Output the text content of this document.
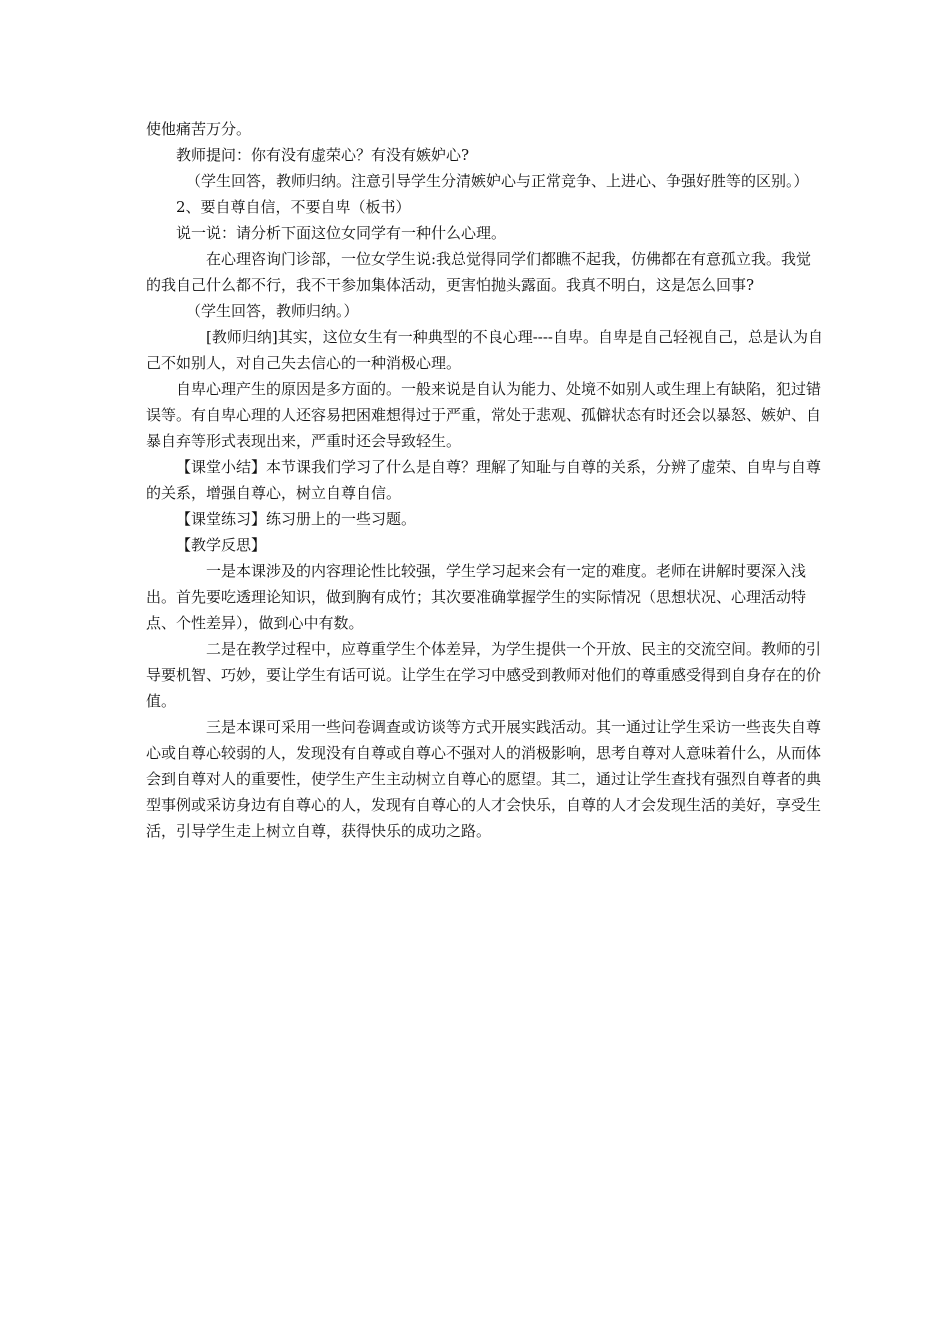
使他痛苦万分。

教师提问：你有没有虚荣心？有没有嫉妒心?

（学生回答，教师归纳。注意引导学生分清嫉妒心与正常竞争、上进心、争强好胜等的区别。）

2、要自尊自信，不要自卑（板书）

说一说：请分析下面这位女同学有一种什么心理。

在心理咨询门诊部，一位女学生说:我总觉得同学们都瞧不起我，仿佛都在有意孤立我。我觉的我自己什么都不行，我不干参加集体活动，更害怕抛头露面。我真不明白，这是怎么回事?

（学生回答，教师归纳。）

[教师归纳]其实，这位女生有一种典型的不良心理----自卑。自卑是自己轻视自己，总是认为自己不如别人，对自己失去信心的一种消极心理。

自卑心理产生的原因是多方面的。一般来说是自认为能力、处境不如别人或生理上有缺陷，犯过错误等。有自卑心理的人还容易把困难想得过于严重，常处于悲观、孤僻状态有时还会以暴怒、嫉妒、自暴自弃等形式表现出来，严重时还会导致轻生。

【课堂小结】本节课我们学习了什么是自尊？理解了知耻与自尊的关系，分辨了虚荣、自卑与自尊的关系，增强自尊心，树立自尊自信。

【课堂练习】练习册上的一些习题。

【教学反思】

一是本课涉及的内容理论性比较强，学生学习起来会有一定的难度。老师在讲解时要深入浅出。首先要吃透理论知识，做到胸有成竹；其次要准确掌握学生的实际情况（思想状况、心理活动特点、个性差异），做到心中有数。

二是在教学过程中，应尊重学生个体差异，为学生提供一个开放、民主的交流空间。教师的引导要机智、巧妙，要让学生有话可说。让学生在学习中感受到教师对他们的尊重感受得到自身存在的价值。

三是本课可采用一些问卷调查或访谈等方式开展实践活动。其一通过让学生采访一些丧失自尊心或自尊心较弱的人，发现没有自尊或自尊心不强对人的消极影响，思考自尊对人意味着什么，从而体会到自尊对人的重要性，使学生产生主动树立自尊心的愿望。其二，通过让学生查找有强烈自尊者的典型事例或采访身边有自尊心的人，发现有自尊心的人才会快乐，自尊的人才会发现生活的美好，享受生活，引导学生走上树立自尊，获得快乐的成功之路。
